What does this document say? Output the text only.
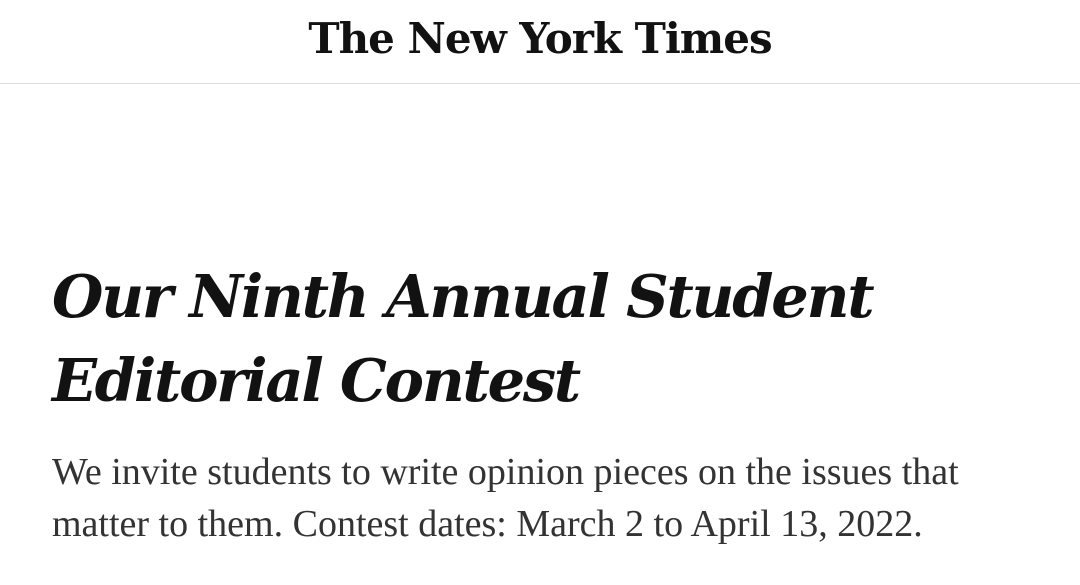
The New York Times
Our Ninth Annual Student Editorial Contest

We invite students to write opinion pieces on the issues that matter to them. Contest dates: March 2 to April 13, 2022.
